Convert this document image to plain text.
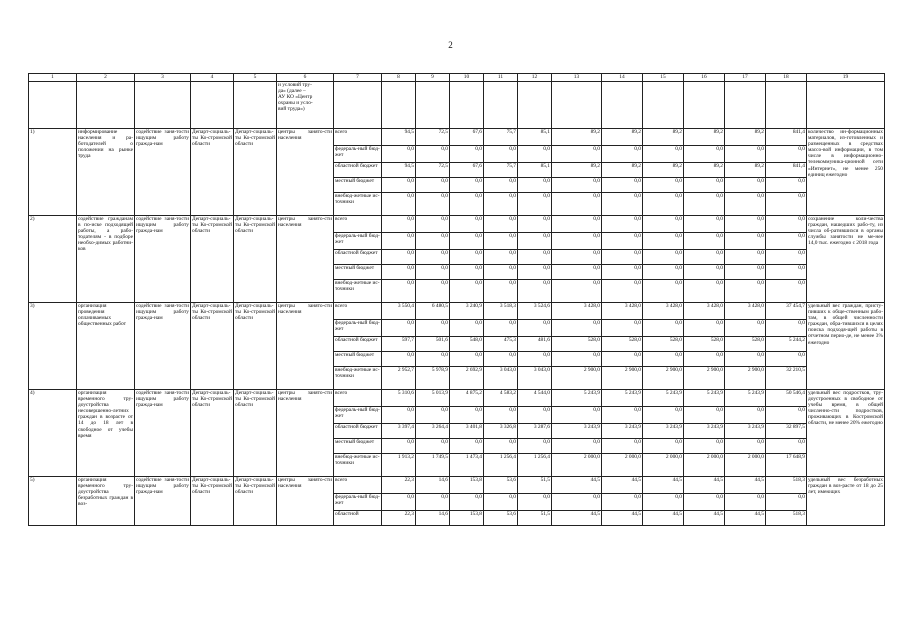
2
1	2	3	4	5	6	7	8	9	10	11	12	13	14	15	16	17	18	19
					и условий тру-
да» (далее –
АУ КО «Центр
охраны и усло-
вий труда»)													
1)	информирование населения и ра-ботодателей о положении на рынке труда	содействие заня-тости ищущим работу гражда-нам	Департ-социаль-ты Ко-стромской области	Департ-социаль-ты Ко-стромской области	центры занято-сти населения	всего	94,5	72,5	67,6	75,7	85,1	89,2	89,2	89,2	89,2	89,2	841,4	количество ин-формационных материалов, из-готовленных и размещенных в средствах массо-вой информации, в том числе в информационно-телекоммуника-ционной сети «Интернет», не менее 250 единиц ежегодно
						федераль-ный бюд-жет	0,0	0,0	0,0	0,0	0,0	0,0	0,0	0,0	0,0	0,0	0,0	
						областной бюджет	94,5	72,5	67,6	75,7	85,1	89,2	89,2	89,2	89,2	89,2	841,4	
						местный бюджет	0,0	0,0	0,0	0,0	0,0	0,0	0,0	0,0	0,0	0,0	0,0	
						внебюд-жетные ис-точники	0,0	0,0	0,0	0,0	0,0	0,0	0,0	0,0	0,0	0,0	0,0	
2)	содействие гражданам в по-иске подходящей работы, а рабо-тодателям - в подборе необхо-димых работни-ков	содействие заня-тости ищущим работу гражда-нам	Департ-социаль-ты Ко-стромской области	Департ-социаль-ты Ко-стромской области	центры занято-сти населения	всего	0,0	0,0	0,0	0,0	0,0	0,0	0,0	0,0	0,0	0,0	0,0	сохранение коли-чества граждан, нашедших рабо-ту, из числа об-ратившихся в органы службы занятости не ме-нее 14,0 тыс. ежегодно с 2018 года
						федераль-ный бюд-жет	0,0	0,0	0,0	0,0	0,0	0,0	0,0	0,0	0,0	0,0	0,0	
						областной бюджет	0,0	0,0	0,0	0,0	0,0	0,0	0,0	0,0	0,0	0,0	0,0	
						местный бюджет	0,0	0,0	0,0	0,0	0,0	0,0	0,0	0,0	0,0	0,0	0,0	
						внебюд-жетные ис-точники	0,0	0,0	0,0	0,0	0,0	0,0	0,0	0,0	0,0	0,0	0,0	
3)	организация проведения оплачиваемых общественных работ	содействие заня-тости ищущим работу гражда-нам	Департ-социаль-ты Ко-стромской области	Департ-социаль-ты Ко-стромской области	центры занято-сти населения	всего	3 550,4	6 480,5	3 240,9	3 518,3	3 524,6	3 428,0	3 428,0	3 428,0	3 428,0	3 428,0	37 454,7	удельный вес граждан, присту-пивших к обще-ственным рабо-там, в общей численности граждан, обра-тившихся в целях поиска подходя-щей работы в отчетном перио-де, не менее 3% ежегодно
						федераль-ный бюд-жет	0,0	0,0	0,0	0,0	0,0	0,0	0,0	0,0	0,0	0,0	0,0	
						областной бюджет	597,7	501,6	548,0	475,3	481,6	528,0	528,0	528,0	528,0	528,0	5 244,2	
						местный бюджет	0,0	0,0	0,0	0,0	0,0	0,0	0,0	0,0	0,0	0,0	0,0	
						внебюд-жетные ис-точники	2 952,7	5 978,9	2 692,9	3 043,0	3 043,0	2 900,0	2 900,0	2 900,0	2 900,0	2 900,0	32 210,5	
4)	организация временного тру-доустройства несовершенно-летних граждан в возрасте от 14 до 18 лет в свободное от учебы время	содействие заня-тости ищущим работу гражда-нам	Департ-социаль-ты Ко-стромской области	Департ-социаль-ты Ко-стромской области	центры занято-сти населения	всего	5 310,6	5 013,9	4 875,2	4 583,2	4 544,0	5 243,9	5 243,9	5 243,9	5 243,9	5 243,9	50 546,4	удельный вес подростков, тру-доустроенных в свободное от учебы время, в общей численно-сти подростков, проживающих в Костромской области, не менее 20% ежегодно
						федераль-ный бюд-жет	0,0	0,0	0,0	0,0	0,0	0,0	0,0	0,0	0,0	0,0	0,0	
						областной бюджет	3 397,4	3 264,4	3 401,8	3 326,8	3 287,6	3 243,9	3 243,9	3 243,9	3 243,9	3 243,9	32 897,5	
						местный бюджет	0,0	0,0	0,0	0,0	0,0	0,0	0,0	0,0	0,0	0,0	0,0	
						внебюд-жетные ис-точники	1 913,2	1 749,5	1 473,4	1 256,4	1 256,4	2 000,0	2 000,0	2 000,0	2 000,0	2 000,0	17 648,9	
5)	организация временного тру-доустройства безработных граждан в воз-	содействие заня-тости ищущим работу гражда-нам	Департ-социаль-ты Ко-стромской области	Департ-социаль-ты Ко-стромской области	центры занято-сти населения	всего	22,3	14,6	153,8	53,6	51,5	44,5	44,5	44,5	44,5	44,5	518,3	удельный вес безработных граждан в воз-расте от 18 до 25 лет, имеющих
						федераль-ный бюд-жет	0,0	0,0	0,0	0,0	0,0	0,0	0,0	0,0	0,0	0,0	0,0	
						областной	22,3	14,6	153,8	53,6	51,5	44,5	44,5	44,5	44,5	44,5	518,3	
